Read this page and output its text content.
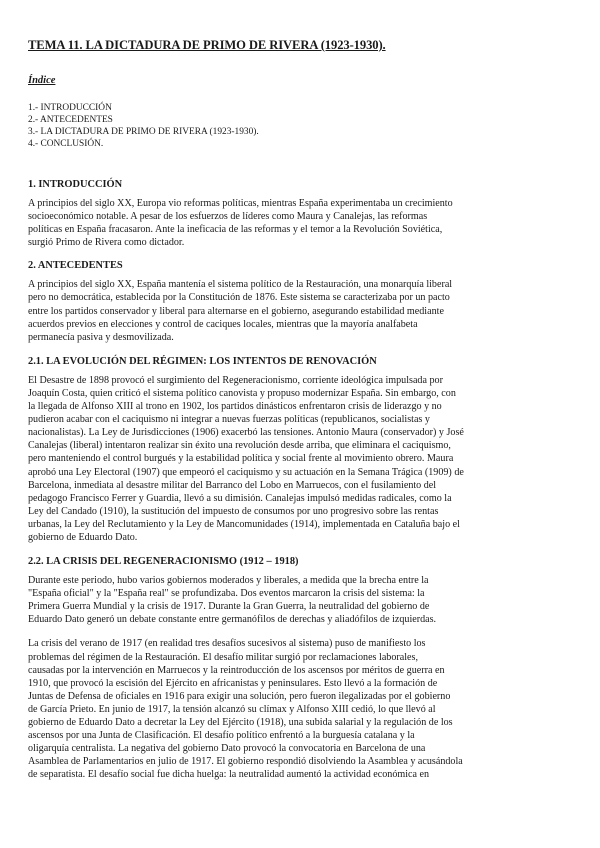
TEMA 11. LA DICTADURA DE PRIMO DE RIVERA (1923-1930).
Índice
1.- INTRODUCCIÓN
2.- ANTECEDENTES
3.- LA DICTADURA DE PRIMO DE RIVERA (1923-1930).
4.- CONCLUSIÓN.
1. INTRODUCCIÓN
A principios del siglo XX, Europa vio reformas políticas, mientras España experimentaba un crecimiento
socioeconómico notable. A pesar de los esfuerzos de líderes como Maura y Canalejas, las reformas
políticas en España fracasaron. Ante la ineficacia de las reformas y el temor a la Revolución Soviética,
surgió Primo de Rivera como dictador.
2. ANTECEDENTES
A principios del siglo XX, España mantenía el sistema político de la Restauración, una monarquía liberal
pero no democrática, establecida por la Constitución de 1876. Este sistema se caracterizaba por un pacto
entre los partidos conservador y liberal para alternarse en el gobierno, asegurando estabilidad mediante
acuerdos previos en elecciones y control de caciques locales, mientras que la mayoría analfabeta
permanecía pasiva y desmovilizada.
2.1. LA EVOLUCIÓN DEL RÉGIMEN: LOS INTENTOS DE RENOVACIÓN
El Desastre de 1898 provocó el surgimiento del Regeneracionismo, corriente ideológica impulsada por
Joaquín Costa, quien criticó el sistema político canovista y propuso modernizar España. Sin embargo, con
la llegada de Alfonso XIII al trono en 1902, los partidos dinásticos enfrentaron crisis de liderazgo y no
pudieron acabar con el caciquismo ni integrar a nuevas fuerzas políticas (republicanos, socialistas y
nacionalistas). La Ley de Jurisdicciones (1906) exacerbó las tensiones. Antonio Maura (conservador) y José
Canalejas (liberal) intentaron realizar sin éxito una revolución desde arriba, que eliminara el caciquismo,
pero manteniendo el control burgués y la estabilidad política y social frente al movimiento obrero. Maura
aprobó una Ley Electoral (1907) que empeoró el caciquismo y su actuación en la Semana Trágica (1909) de
Barcelona, inmediata al desastre militar del Barranco del Lobo en Marruecos, con el fusilamiento del
pedagogo Francisco Ferrer y Guardia, llevó a su dimisión. Canalejas impulsó medidas radicales, como la
Ley del Candado (1910), la sustitución del impuesto de consumos por uno progresivo sobre las rentas
urbanas, la Ley del Reclutamiento y la Ley de Mancomunidades (1914), implementada en Cataluña bajo el
gobierno de Eduardo Dato.
2.2. LA CRISIS DEL REGENERACIONISMO (1912 – 1918)
Durante este periodo, hubo varios gobiernos moderados y liberales, a medida que la brecha entre la
"España oficial" y la "España real" se profundizaba. Dos eventos marcaron la crisis del sistema: la
Primera Guerra Mundial y la crisis de 1917. Durante la Gran Guerra, la neutralidad del gobierno de
Eduardo Dato generó un debate constante entre germanófilos de derechas y aliadófilos de izquierdas.
La crisis del verano de 1917 (en realidad tres desafíos sucesivos al sistema) puso de manifiesto los
problemas del régimen de la Restauración. El desafío militar surgió por reclamaciones laborales,
causadas por la intervención en Marruecos y la reintroducción de los ascensos por méritos de guerra en
1910, que provocó la escisión del Ejército en africanistas y peninsulares. Esto llevó a la formación de
Juntas de Defensa de oficiales en 1916 para exigir una solución, pero fueron ilegalizadas por el gobierno
de García Prieto. En junio de 1917, la tensión alcanzó su clímax y Alfonso XIII cedió, lo que llevó al
gobierno de Eduardo Dato a decretar la Ley del Ejército (1918), una subida salarial y la regulación de los
ascensos por una Junta de Clasificación. El desafío político enfrentó a la burguesía catalana y la
oligarquía centralista. La negativa del gobierno Dato provocó la convocatoria en Barcelona de una
Asamblea de Parlamentarios en julio de 1917. El gobierno respondió disolviendo la Asamblea y acusándola
de separatista. El desafío social fue dicha huelga: la neutralidad aumentó la actividad económica en
